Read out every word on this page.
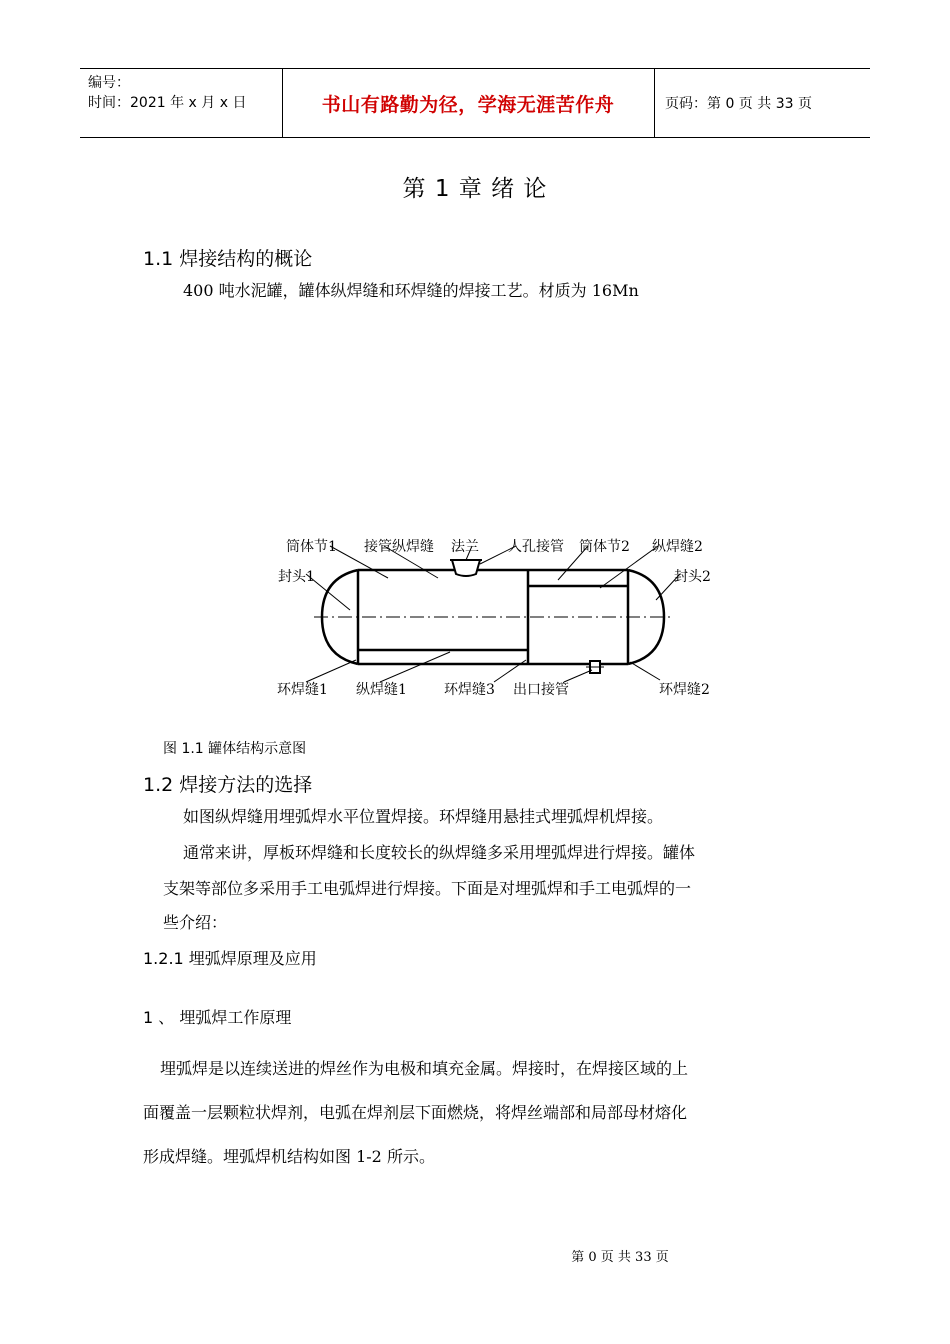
编号：
时间：2021 年 x 月 x 日	书山有路勤为径，学海无涯苦作舟	页码：第 0 页 共 33 页
第 1 章 绪 论
1.1 焊接结构的概论
400 吨水泥罐，罐体纵焊缝和环焊缝的焊接工艺。材质为 16Mn
筒体节1 接管纵焊缝 法兰 人孔接管 筒体节2 纵焊缝2
封头1	封头2
环焊缝1 纵焊缝1	环焊缝3 出口接管	环焊缝2
图 1.1 罐体结构示意图
1.2 焊接方法的选择
如图纵焊缝用埋弧焊水平位置焊接。环焊缝用悬挂式埋弧焊机焊接。
通常来讲，厚板环焊缝和长度较长的纵焊缝多采用埋弧焊进行焊接。罐体
支架等部位多采用手工电弧焊进行焊接。下面是对埋弧焊和手工电弧焊的一
些介绍：
1.2.1 埋弧焊原理及应用
1 、 埋弧焊工作原理
埋弧焊是以连续送进的焊丝作为电极和填充金属。焊接时，在焊接区域的上
面覆盖一层颗粒状焊剂，电弧在焊剂层下面燃烧，将焊丝端部和局部母材熔化
形成焊缝。埋弧焊机结构如图 1-2 所示。
第 0 页 共 33 页
